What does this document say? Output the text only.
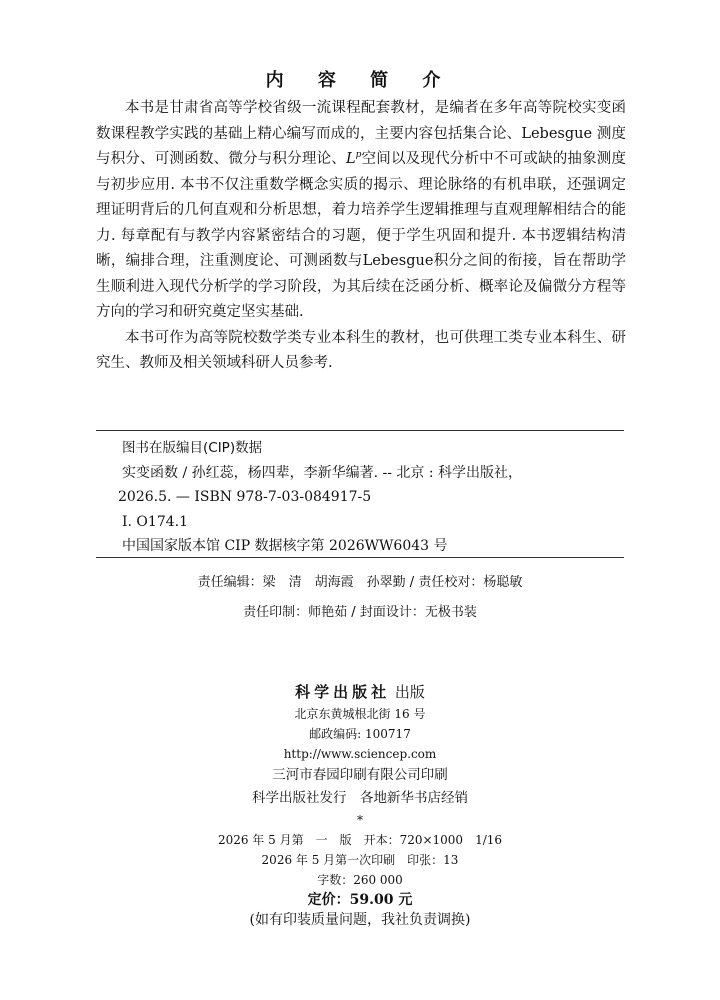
内 容 简 介

本书是甘肃省高等学校省级一流课程配套教材，是编者在多年高等院校实变函数课程教学实践的基础上精心编写而成的，主要内容包括集合论、Lebesgue 测度与积分、可测函数、微分与积分理论、$L^p$空间以及现代分析中不可或缺的抽象测度与初步应用. 本书不仅注重数学概念实质的揭示、理论脉络的有机串联，还强调定理证明背后的几何直观和分析思想，着力培养学生逻辑推理与直观理解相结合的能力. 每章配有与教学内容紧密结合的习题，便于学生巩固和提升. 本书逻辑结构清晰，编排合理，注重测度论、可测函数与Lebesgue积分之间的衔接，旨在帮助学生顺利进入现代分析学的学习阶段，为其后续在泛函分析、概率论及偏微分方程等方向的学习和研究奠定坚实基础.

本书可作为高等院校数学类专业本科生的教材，也可供理工类专业本科生、研究生、教师及相关领域科研人员参考.

图书在版编目(CIP)数据
实变函数 / 孙红蕊，杨四辈，李新华编著. -- 北京 : 科学出版社，
2026.5. — ISBN 978-7-03-084917-5
Ⅰ. O174.1
中国国家版本馆 CIP 数据核字第 2026WW6043 号
责任编辑：梁　清　胡海霞　孙翠勤 / 责任校对：杨聪敏
责任印制：师艳茹 / 封面设计：无极书装
科学出版社 出版
北京东黄城根北街 16 号
邮政编码: 100717
http://www.sciencep.com
三河市春园印刷有限公司印刷
科学出版社发行　各地新华书店经销
*
2026 年 5 月第　一　版　开本：720×1000　1/16
2026 年 5 月第一次印刷　印张：13
字数：260 000
定价：59.00 元
(如有印装质量问题，我社负责调换)
